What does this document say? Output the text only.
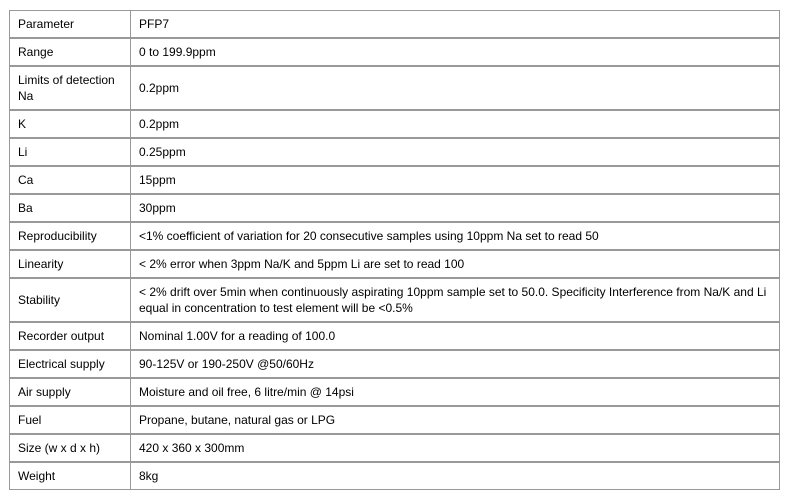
Parameter	PFP7
Range	0 to 199.9ppm
Limits of detection Na	0.2ppm
K	0.2ppm
Li	0.25ppm
Ca	15ppm
Ba	30ppm
Reproducibility	<1% coefficient of variation for 20 consecutive samples using 10ppm Na set to read 50
Linearity	< 2% error when 3ppm Na/K and 5ppm Li are set to read 100
Stability	< 2% drift over 5min when continuously aspirating 10ppm sample set to 50.0. Specificity Interference from Na/K and Li equal in concentration to test element will be <0.5%
Recorder output	Nominal 1.00V for a reading of 100.0
Electrical supply	90-125V or 190-250V @50/60Hz
Air supply	Moisture and oil free, 6 litre/min @ 14psi
Fuel	Propane, butane, natural gas or LPG
Size (w x d x h)	420 x 360 x 300mm
Weight	8kg
